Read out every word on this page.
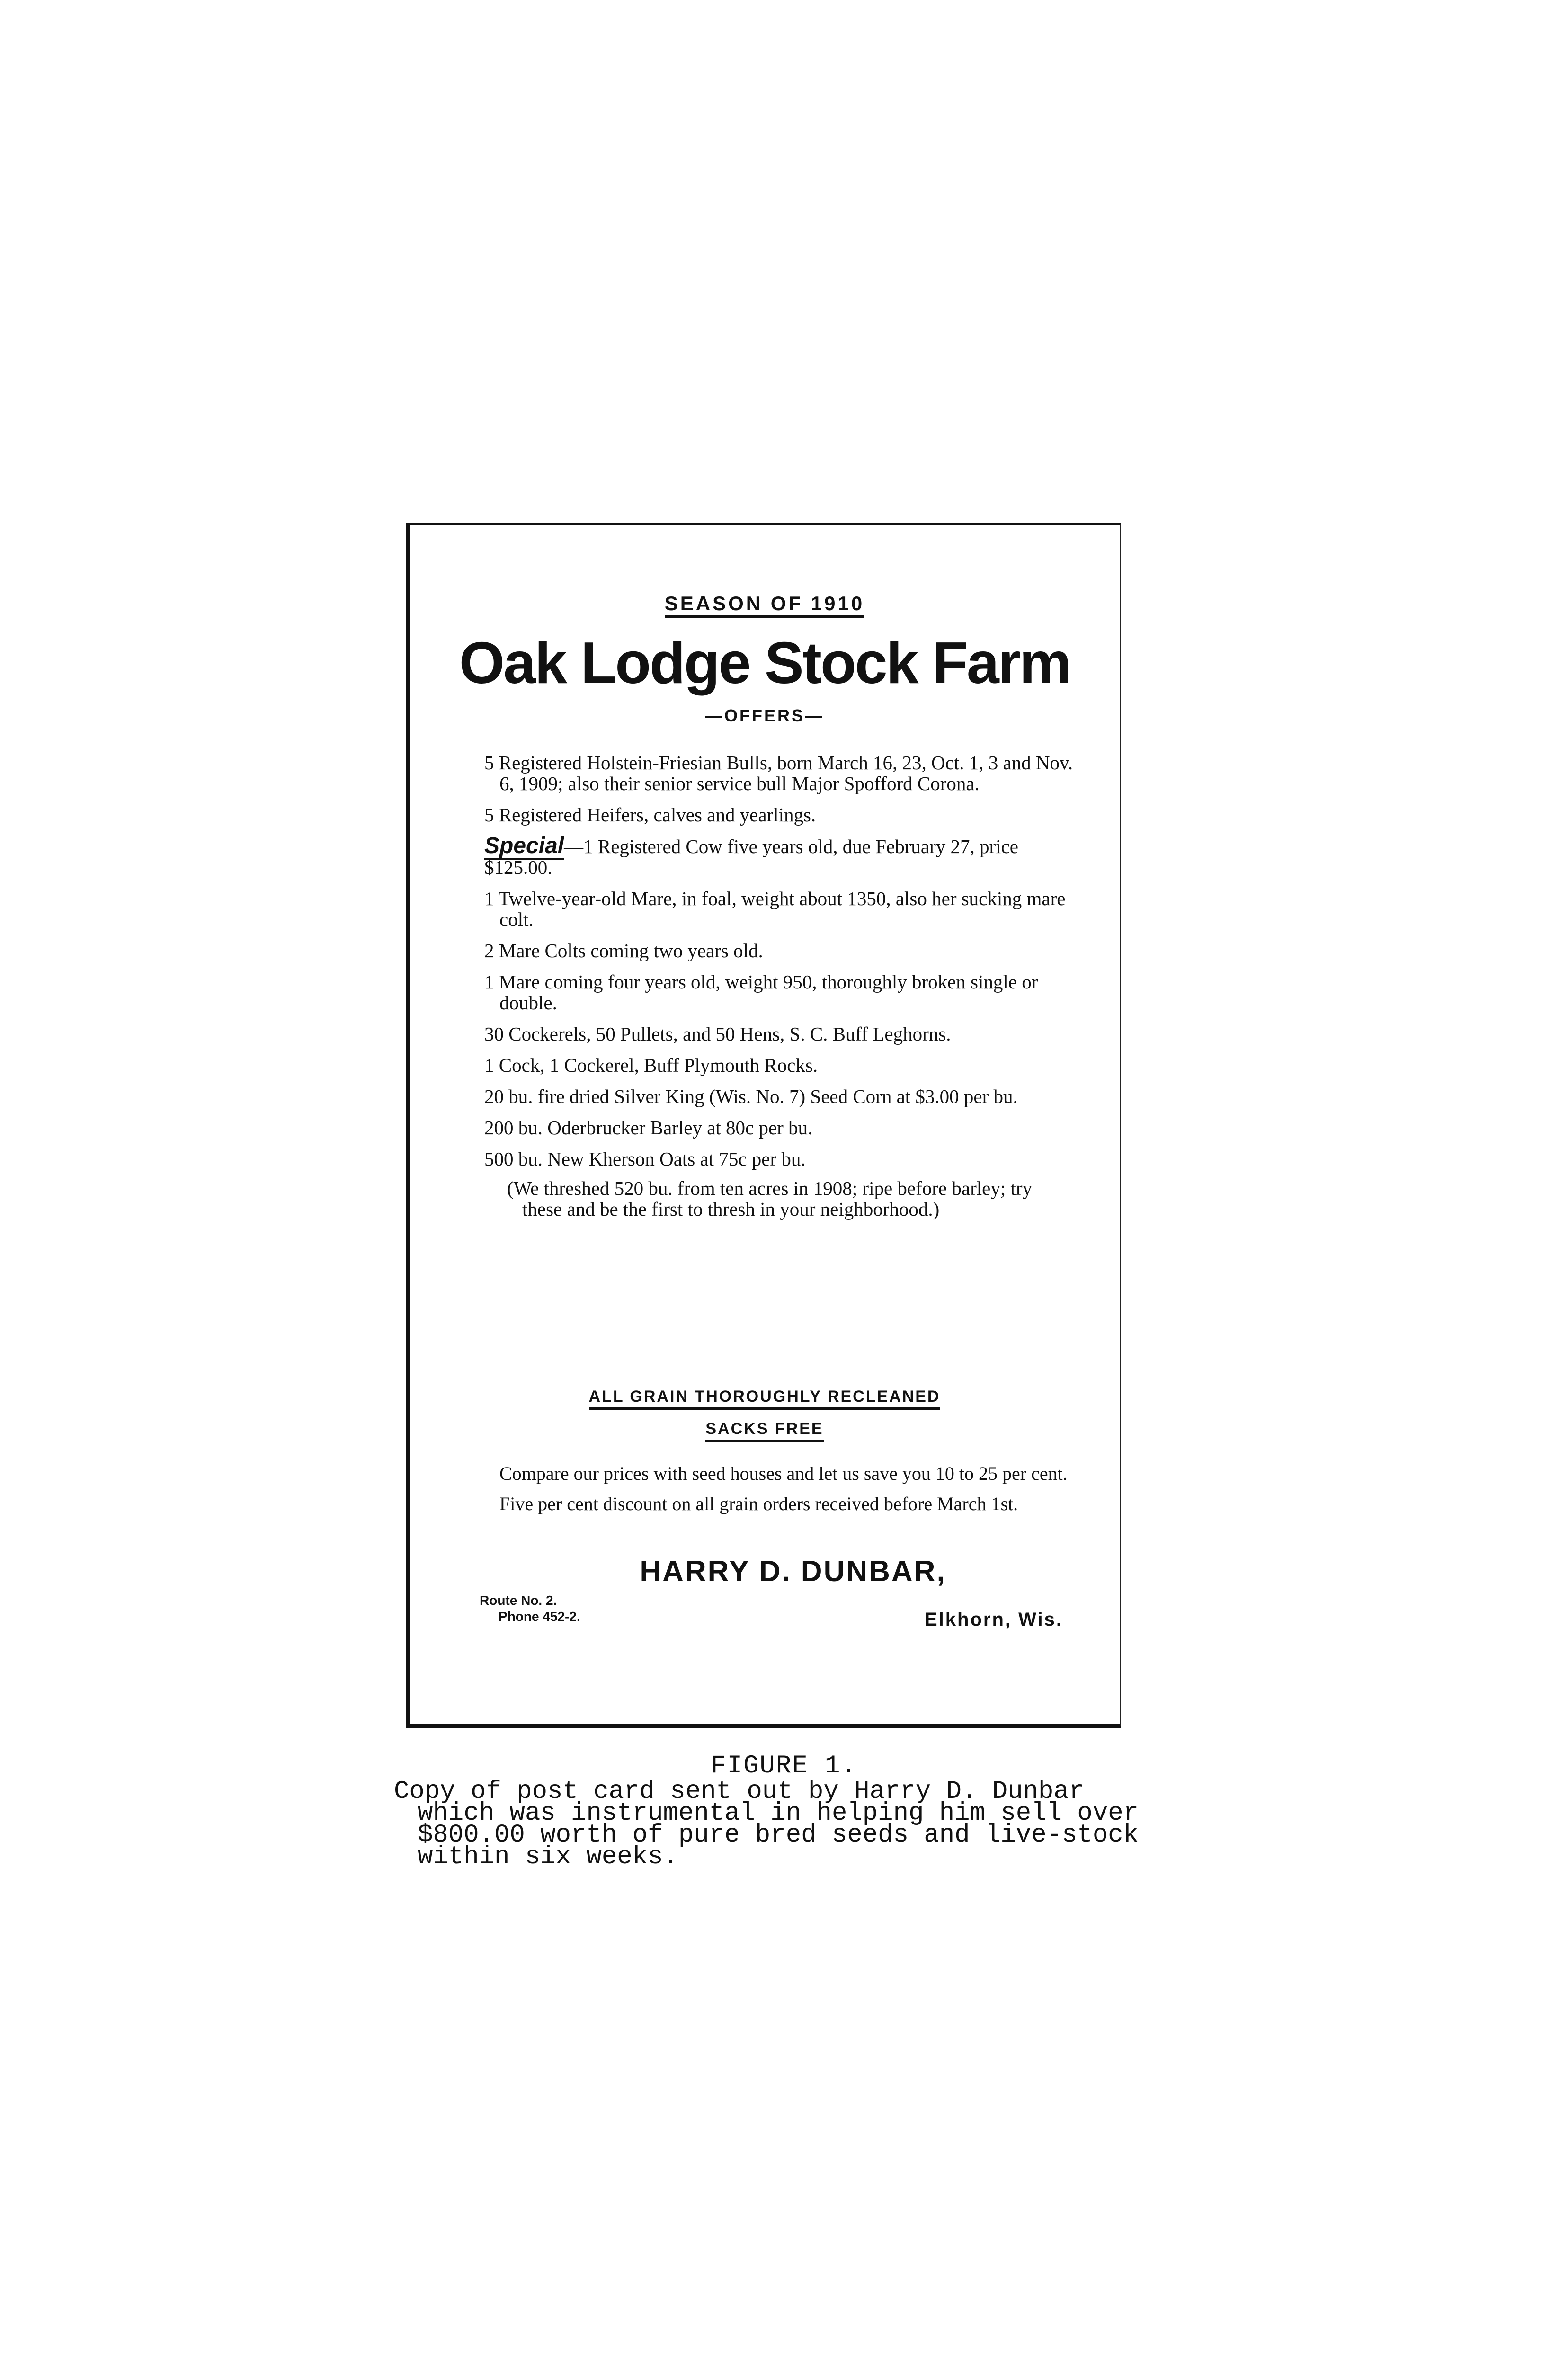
SEASON OF 1910
Oak Lodge Stock Farm
—OFFERS—

5 Registered Holstein-Friesian Bulls, born March 16, 23, Oct. 1, 3 and Nov. 6, 1909; also their senior service bull Major Spofford Corona.

5 Registered Heifers, calves and yearlings.

Special—1 Registered Cow five years old, due February 27, price $125.00.

1 Twelve-year-old Mare, in foal, weight about 1350, also her sucking mare colt.

2 Mare Colts coming two years old.

1 Mare coming four years old, weight 950, thoroughly broken single or double.

30 Cockerels, 50 Pullets, and 50 Hens, S. C. Buff Leghorns.

1 Cock, 1 Cockerel, Buff Plymouth Rocks.

20 bu. fire dried Silver King (Wis. No. 7) Seed Corn at $3.00 per bu.

200 bu. Oderbrucker Barley at 80c per bu.

500 bu. New Kherson Oats at 75c per bu.

(We threshed 520 bu. from ten acres in 1908; ripe before barley; try these and be the first to thresh in your neighborhood.)

ALL GRAIN THOROUGHLY RECLEANED
SACKS FREE

Compare our prices with seed houses and let us save you 10 to 25 per cent.

Five per cent discount on all grain orders received before March 1st.

HARRY D. DUNBAR,
Route No. 2.
Phone 452-2.	Elkhorn, Wis.
FIGURE 1.
Copy of post card sent out by Harry D. Dunbar
which was instrumental in helping him sell over
$800.00 worth of pure bred seeds and live-stock
within six weeks.
